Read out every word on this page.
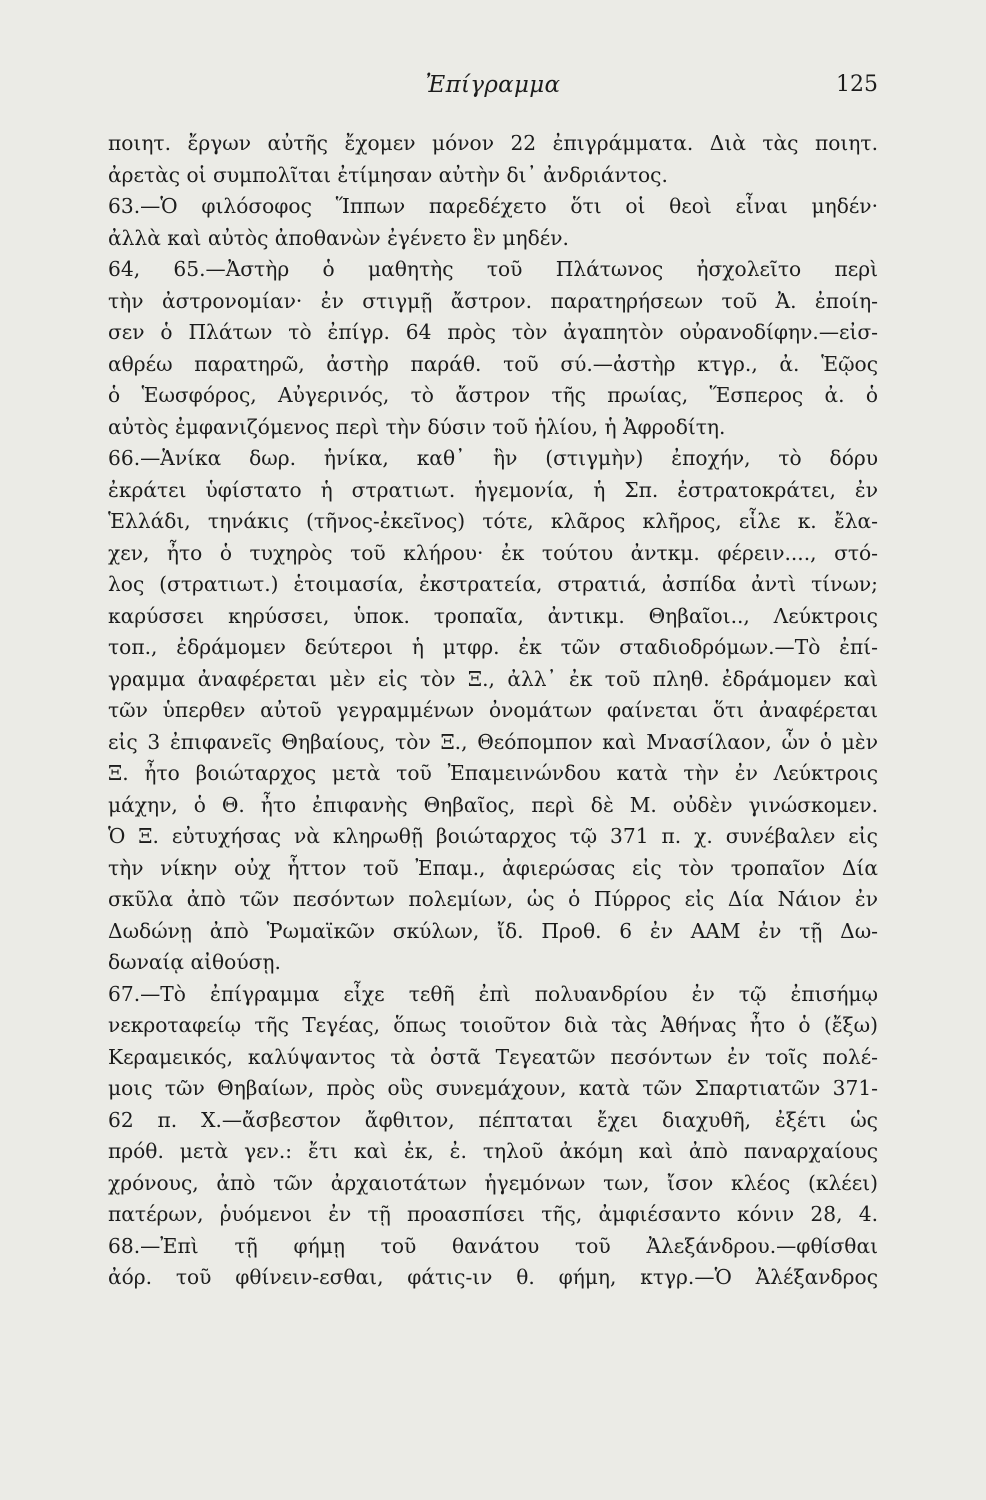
Ἐπίγραμμα	125
ποιητ. ἔργων αὐτῆς ἔχομεν μόνον 22 ἐπιγράμματα. Διὰ τὰς ποιητ.
ἀρετὰς οἱ συμπολῖται ἐτίμησαν αὐτὴν δι᾽ ἀνδριάντος.
63.—Ὁ φιλόσοφος Ἵππων παρεδέχετο ὅτι οἱ θεοὶ εἶναι μηδέν·
ἀλλὰ καὶ αὐτὸς ἀποθανὼν ἐγένετο ἓν μηδέν.
64, 65.—Ἀστὴρ ὁ μαθητὴς τοῦ Πλάτωνος ἠσχολεῖτο περὶ
τὴν ἀστρονομίαν· ἐν στιγμῇ ἄστρον. παρατηρήσεων τοῦ Ἀ. ἐποίη-
σεν ὁ Πλάτων τὸ ἐπίγρ. 64 πρὸς τὸν ἀγαπητὸν οὐρανοδίφην.—εἰσ-
αθρέω παρατηρῶ, ἀστὴρ παράθ. τοῦ σύ.—ἀστὴρ κτγρ., ἀ. Ἑῷος
ὁ Ἑωσφόρος, Αὐγερινός, τὸ ἄστρον τῆς πρωίας, Ἕσπερος ἀ. ὁ
αὐτὸς ἐμφανιζόμενος περὶ τὴν δύσιν τοῦ ἡλίου, ἡ Ἀφροδίτη.
66.—Ἁνίκα δωρ. ἡνίκα, καθ᾽ ἣν (στιγμὴν) ἐποχήν, τὸ δόρυ
ἐκράτει ὑφίστατο ἡ στρατιωτ. ἡγεμονία, ἡ Σπ. ἐστρατοκράτει, ἐν
Ἑλλάδι, τηνάκις (τῆνος-ἐκεῖνος) τότε, κλᾶρος κλῆρος, εἷλε κ. ἔλα-
χεν, ἦτο ὁ τυχηρὸς τοῦ κλήρου· ἐκ τούτου ἀντκμ. φέρειν...., στό-
λος (στρατιωτ.) ἑτοιμασία, ἐκστρατεία, στρατιά, ἀσπίδα ἀντὶ τίνων;
καρύσσει κηρύσσει, ὑποκ. τροπαῖα, ἀντικμ. Θηβαῖοι.., Λεύκτροις
τοπ., ἐδράμομεν δεύτεροι ἡ μτφρ. ἐκ τῶν σταδιοδρόμων.—Τὸ ἐπί-
γραμμα ἀναφέρεται μὲν εἰς τὸν Ξ., ἀλλ᾽ ἐκ τοῦ πληθ. ἐδράμομεν καὶ
τῶν ὑπερθεν αὐτοῦ γεγραμμένων ὀνομάτων φαίνεται ὅτι ἀναφέρεται
εἰς 3 ἐπιφανεῖς Θηβαίους, τὸν Ξ., Θεόπομπον καὶ Μνασίλαον, ὧν ὁ μὲν
Ξ. ἦτο βοιώταρχος μετὰ τοῦ Ἐπαμεινώνδου κατὰ τὴν ἐν Λεύκτροις
μάχην, ὁ Θ. ἦτο ἐπιφανὴς Θηβαῖος, περὶ δὲ Μ. οὐδὲν γινώσκομεν.
Ὁ Ξ. εὐτυχήσας νὰ κληρωθῇ βοιώταρχος τῷ 371 π. χ. συνέβαλεν εἰς
τὴν νίκην οὐχ ἧττον τοῦ Ἐπαμ., ἀφιερώσας εἰς τὸν τροπαῖον Δία
σκῦλα ἀπὸ τῶν πεσόντων πολεμίων, ὡς ὁ Πύρρος εἰς Δία Νάιον ἐν
Δωδώνῃ ἀπὸ Ῥωμαϊκῶν σκύλων, ἴδ. Προθ. 6 ἐν ΑΑΜ ἐν τῇ Δω-
δωναίᾳ αἰθούσῃ.
67.—Τὸ ἐπίγραμμα εἶχε τεθῆ ἐπὶ πολυανδρίου ἐν τῷ ἐπισήμῳ
νεκροταφείῳ τῆς Τεγέας, ὅπως τοιοῦτον διὰ τὰς Ἀθήνας ἦτο ὁ (ἔξω)
Κεραμεικός, καλύψαντος τὰ ὀστᾶ Τεγεατῶν πεσόντων ἐν τοῖς πολέ-
μοις τῶν Θηβαίων, πρὸς οὓς συνεμάχουν, κατὰ τῶν Σπαρτιατῶν 371-
62 π. Χ.—ἄσβεστον ἄφθιτον, πέπταται ἔχει διαχυθῆ, ἐξέτι ὡς
πρόθ. μετὰ γεν.: ἔτι καὶ ἐκ, ἐ. τηλοῦ ἀκόμη καὶ ἀπὸ παναρχαίους
χρόνους, ἀπὸ τῶν ἀρχαιοτάτων ἡγεμόνων των, ἴσον κλέος (κλέει)
πατέρων, ῥυόμενοι ἐν τῇ προασπίσει τῆς, ἀμφιέσαντο κόνιν 28, 4.
68.—Ἐπὶ τῇ φήμῃ τοῦ θανάτου τοῦ Ἀλεξάνδρου.—φθίσθαι
ἀόρ. τοῦ φθίνειν-εσθαι, φάτις-ιν θ. φήμη, κτγρ.—Ὁ Ἀλέξανδρος
